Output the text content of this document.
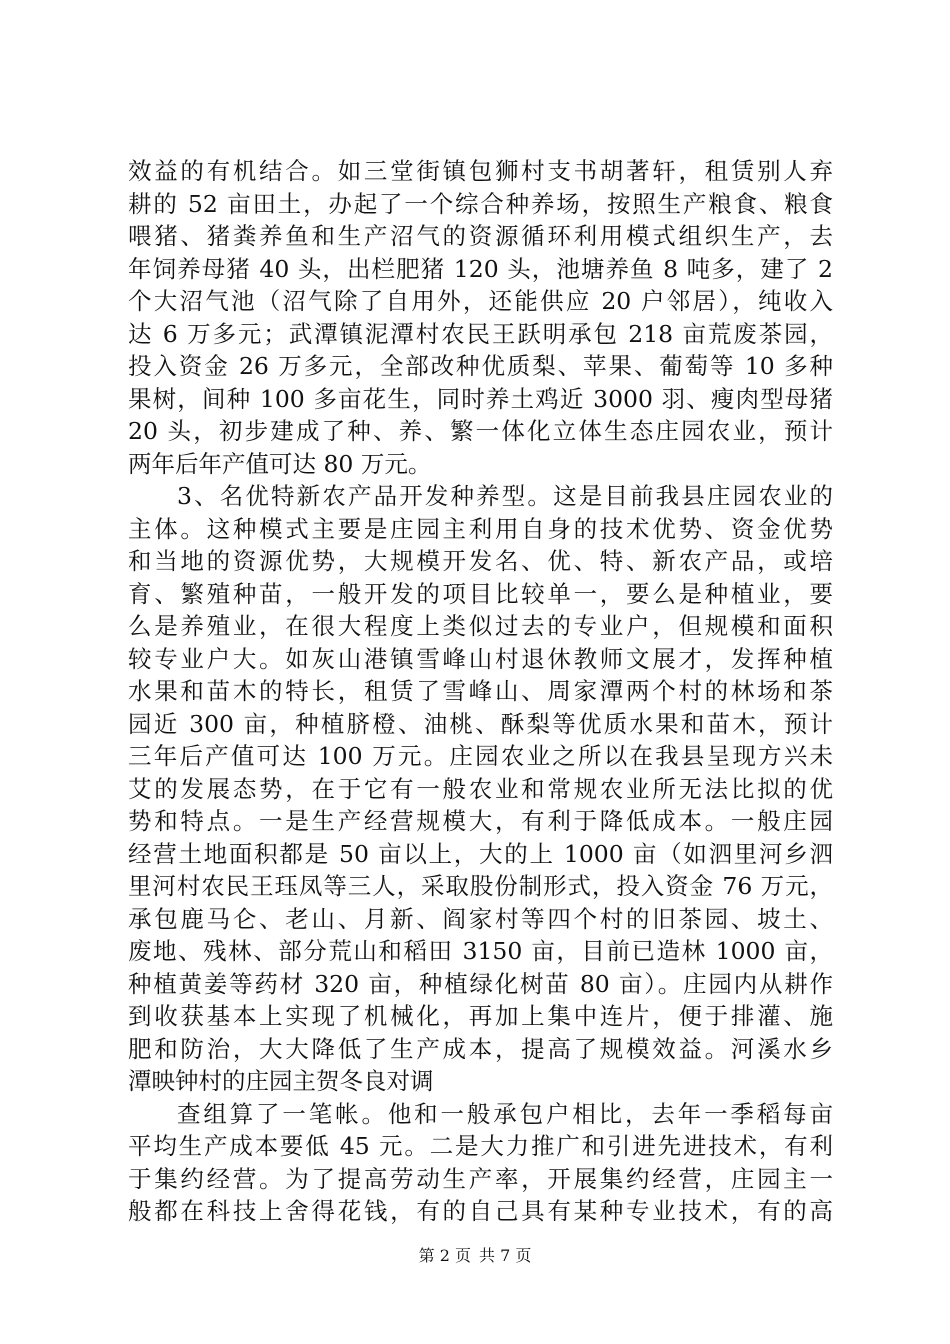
效益的有机结合。如三堂街镇包狮村支书胡著轩，租赁别人弃
耕的 52 亩田土，办起了一个综合种养场，按照生产粮食、粮食
喂猪、猪粪养鱼和生产沼气的资源循环利用模式组织生产，去
年饲养母猪 40 头，出栏肥猪 120 头，池塘养鱼 8 吨多，建了 2
个大沼气池（沼气除了自用外，还能供应 20 户邻居），纯收入
达 6 万多元；武潭镇泥潭村农民王跃明承包 218 亩荒废茶园，
投入资金 26 万多元，全部改种优质梨、苹果、葡萄等 10 多种
果树，间种 100 多亩花生，同时养土鸡近 3000 羽、瘦肉型母猪
20 头，初步建成了种、养、繁一体化立体生态庄园农业，预计
两年后年产值可达 80 万元。
3、名优特新农产品开发种养型。这是目前我县庄园农业的
主体。这种模式主要是庄园主利用自身的技术优势、资金优势
和当地的资源优势，大规模开发名、优、特、新农产品，或培
育、繁殖种苗，一般开发的项目比较单一，要么是种植业，要
么是养殖业，在很大程度上类似过去的专业户，但规模和面积
较专业户大。如灰山港镇雪峰山村退休教师文展才，发挥种植
水果和苗木的特长，租赁了雪峰山、周家潭两个村的林场和茶
园近 300 亩，种植脐橙、油桃、酥梨等优质水果和苗木，预计
三年后产值可达 100 万元。庄园农业之所以在我县呈现方兴未
艾的发展态势，在于它有一般农业和常规农业所无法比拟的优
势和特点。一是生产经营规模大，有利于降低成本。一般庄园
经营土地面积都是 50 亩以上，大的上 1000 亩（如泗里河乡泗
里河村农民王珏凤等三人，采取股份制形式，投入资金 76 万元，
承包鹿马仑、老山、月新、阎家村等四个村的旧茶园、坡土、
废地、残林、部分荒山和稻田 3150 亩，目前已造林 1000 亩，
种植黄姜等药材 320 亩，种植绿化树苗 80 亩）。庄园内从耕作
到收获基本上实现了机械化，再加上集中连片，便于排灌、施
肥和防治，大大降低了生产成本，提高了规模效益。河溪水乡
潭映钟村的庄园主贺冬良对调
查组算了一笔帐。他和一般承包户相比，去年一季稻每亩
平均生产成本要低 45 元。二是大力推广和引进先进技术，有利
于集约经营。为了提高劳动生产率，开展集约经营，庄园主一
般都在科技上舍得花钱，有的自己具有某种专业技术，有的高
第 2 页 共 7 页
